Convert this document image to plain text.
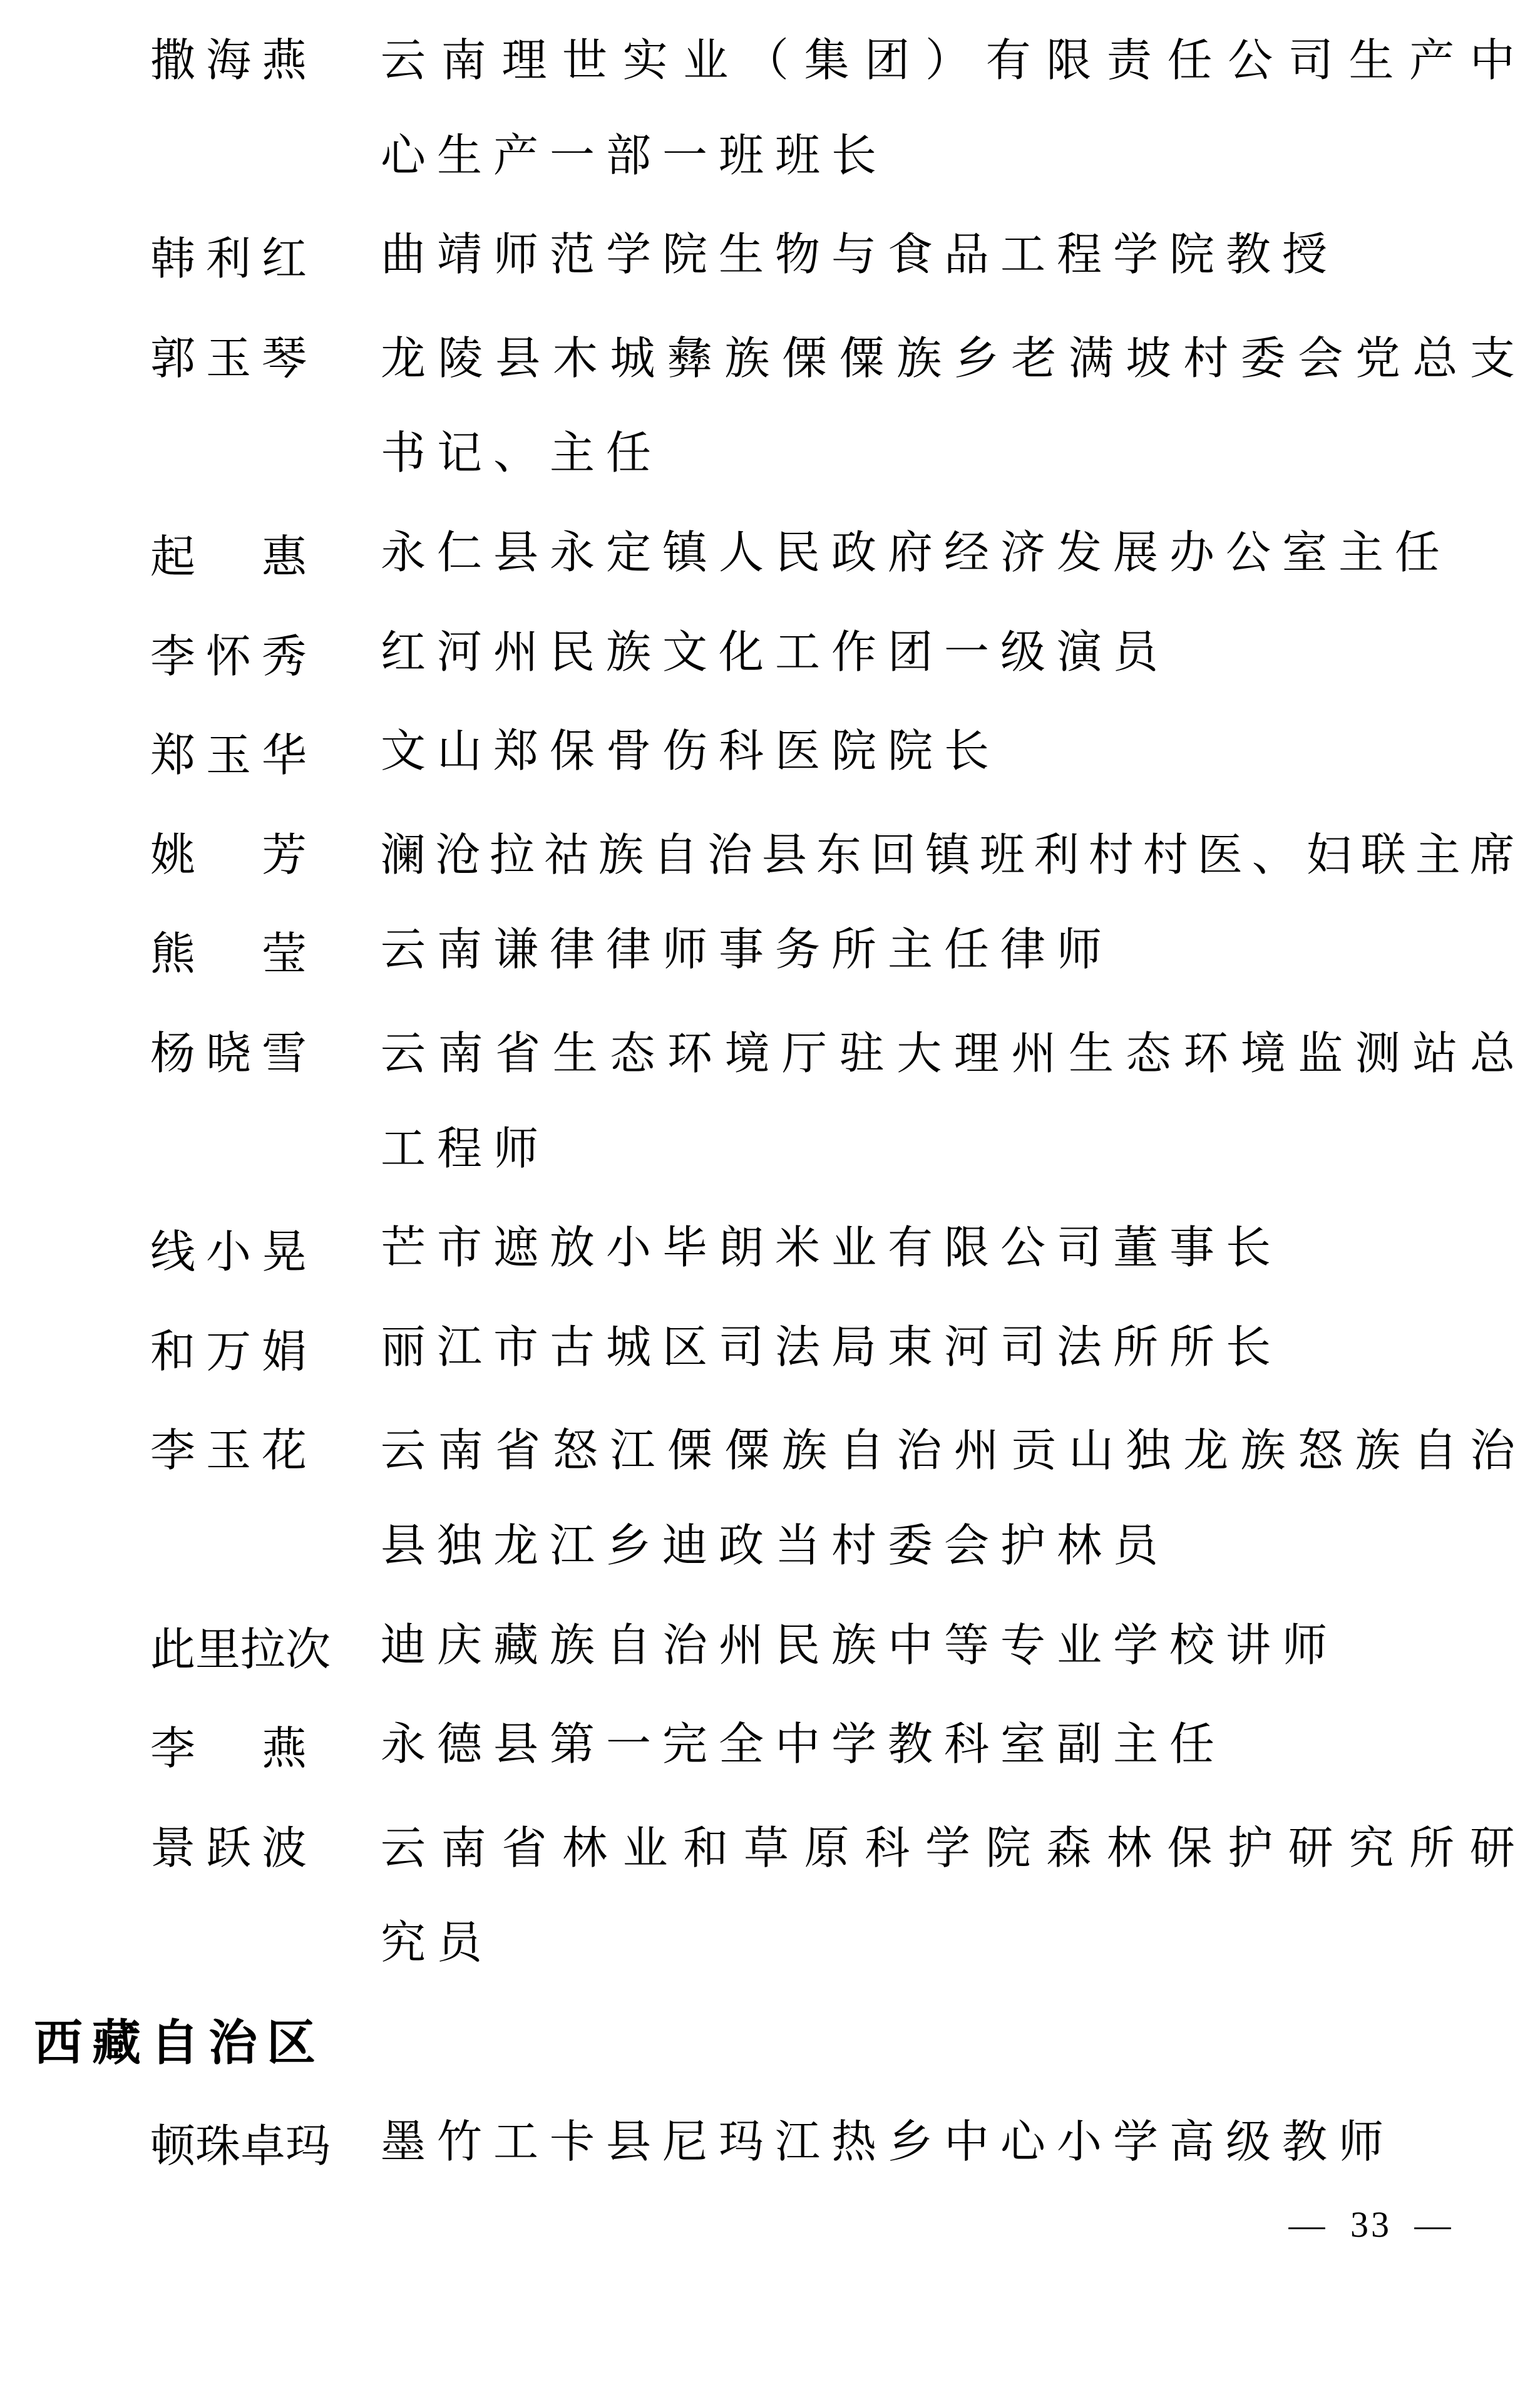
— 33 —
撒 海 燕 云 南 理 世 实 业 （ 集 团 ） 有 限 责 任 公 司 生 产 中
心生产一部一班班长
韩 利 红 曲靖师范学院生物与食品工程学院教授
郭 玉 琴 龙 陵 县 木 城 彝 族 傈 僳 族 乡 老 满 坡 村 委 会 党 总 支
书记、主任
起 惠 永仁县永定镇人民政府经济发展办公室主任
李 怀 秀 红河州民族文化工作团一级演员
郑 玉 华 文山郑保骨伤科医院院长
姚 芳 澜 沧 拉 祜 族 自 治 县 东 回 镇 班 利 村 村 医 、 妇 联 主 席
熊 莹 云南谦律律师事务所主任律师
杨 晓 雪 云 南 省 生 态 环 境 厅 驻 大 理 州 生 态 环 境 监 测 站 总
工程师
线 小 晃 芒市遮放小毕朗米业有限公司董事长
和 万 娟 丽江市古城区司法局束河司法所所长
李 玉 花 云 南 省 怒 江 傈 僳 族 自 治 州 贡 山 独 龙 族 怒 族 自 治
县独龙江乡迪政当村委会护林员
此 里 拉 次 迪庆藏族自治州民族中等专业学校讲师
李 燕 永德县第一完全中学教科室副主任
景 跃 波 云 南 省 林 业 和 草 原 科 学 院 森 林 保 护 研 究 所 研
究员
西藏自治区
顿 珠 卓 玛 墨竹工卡县尼玛江热乡中心小学高级教师
